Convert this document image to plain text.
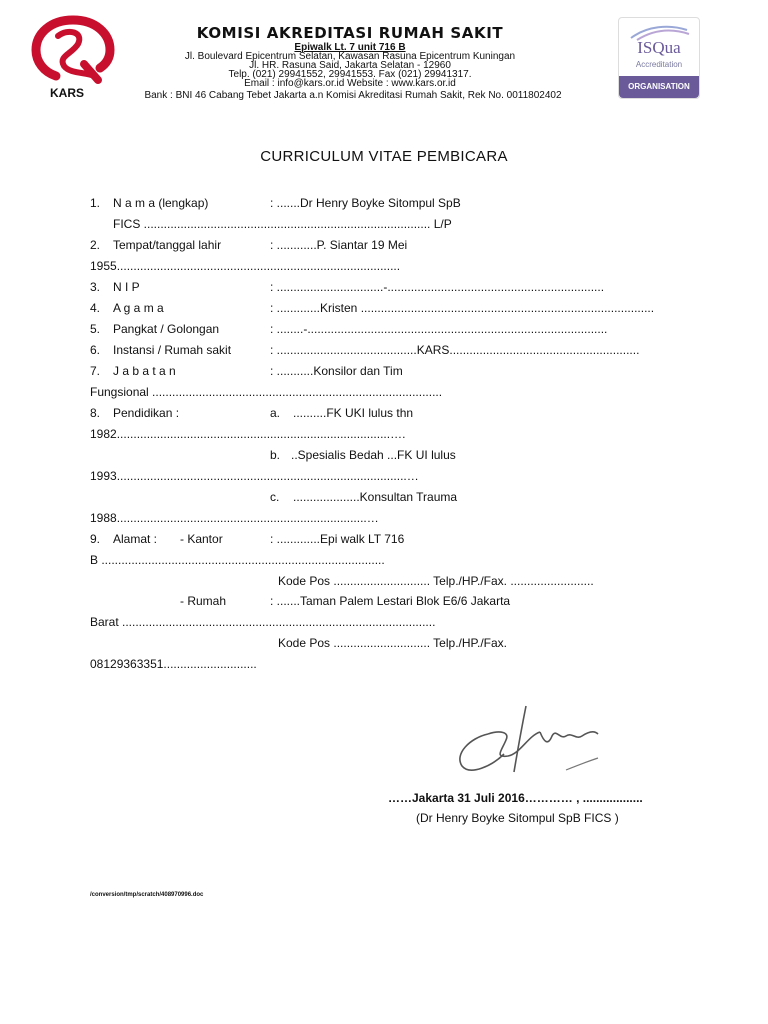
KARS
ISQua
Accreditation
ORGANISATION
KOMISI AKREDITASI RUMAH SAKIT
Epiwalk Lt. 7 unit 716 B
Jl. Boulevard Epicentrum Selatan, Kawasan Rasuna Epicentrum Kuningan
Jl. HR. Rasuna Said, Jakarta Selatan - 12960
Telp. (021) 29941552, 29941553. Fax (021) 29941317.
Email : info@kars.or.id Website : www.kars.or.id
Bank : BNI 46 Cabang Tebet Jakarta a.n Komisi Akreditasi Rumah Sakit, Rek No. 0011802402
CURRICULUM VITAE PEMBICARA
1. N a m a (lengkap)	: .......Dr Henry Boyke Sitompul SpB
FICS ...................................................................................... L/P
2. Tempat/tanggal lahir	: ............P. Siantar 19 Mei
1955.....................................................................................
3. N I P	: ................................-.................................................................
4. A g a m a	: .............Kristen ........................................................................................
5. Pangkat / Golongan	: ........-..........................................................................................
6. Instansi / Rumah sakit	: ..........................................KARS.........................................................
7. J a b a t a n	: ...........Konsilor dan Tim
Fungsional .......................................................................................
8. Pendidikan :	a. ..........FK UKI lulus thn
1982..................................................................................….
b. ..Spesialis Bedah ...FK UI lulus
1993.......................................................................................…
c. ....................Konsultan Trauma
1988...........................................................................…
9. Alamat : - Kantor	: .............Epi walk LT 716
B .....................................................................................
Kode Pos ............................. Telp./HP./Fax. .........................
- Rumah	: .......Taman Palem Lestari Blok E6/6 Jakarta
Barat ..............................................................................................
Kode Pos ............................. Telp./HP./Fax.
08129363351............................
……Jakarta 31 Juli 2016………… , ..................
(Dr Henry Boyke Sitompul SpB FICS )
/conversion/tmp/scratch/408970996.doc
